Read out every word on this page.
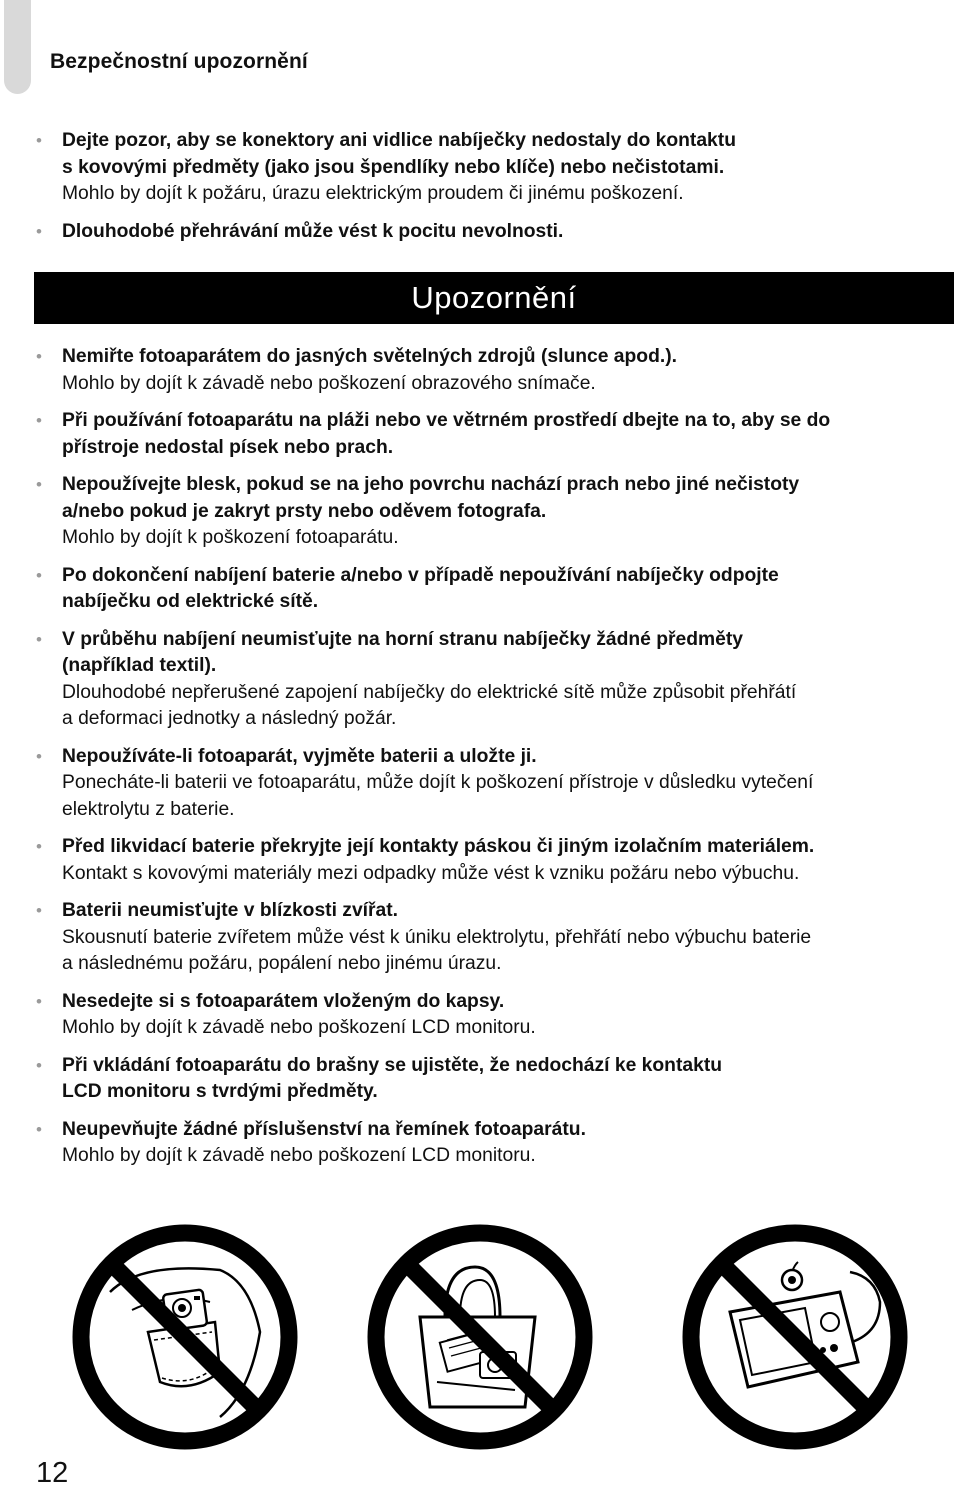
Bezpečnostní upozornění
• Dejte pozor, aby se konektory ani vidlice nabíječky nedostaly do kontaktu
s kovovými předměty (jako jsou špendlíky nebo klíče) nebo nečistotami.
Mohlo by dojít k požáru, úrazu elektrickým proudem či jinému poškození.
• Dlouhodobé přehrávání může vést k pocitu nevolnosti.
Upozornění
• Nemiřte fotoaparátem do jasných světelných zdrojů (slunce apod.).
Mohlo by dojít k závadě nebo poškození obrazového snímače.
• Při používání fotoaparátu na pláži nebo ve větrném prostředí dbejte na to, aby se do
přístroje nedostal písek nebo prach.
• Nepoužívejte blesk, pokud se na jeho povrchu nachází prach nebo jiné nečistoty
a/nebo pokud je zakryt prsty nebo oděvem fotografa.
Mohlo by dojít k poškození fotoaparátu.
• Po dokončení nabíjení baterie a/nebo v případě nepoužívání nabíječky odpojte
nabíječku od elektrické sítě.
• V průběhu nabíjení neumisťujte na horní stranu nabíječky žádné předměty
(například textil).
Dlouhodobé nepřerušené zapojení nabíječky do elektrické sítě může způsobit přehřátí
a deformaci jednotky a následný požár.
• Nepoužíváte-li fotoaparát, vyjměte baterii a uložte ji.
Ponecháte-li baterii ve fotoaparátu, může dojít k poškození přístroje v důsledku vytečení
elektrolytu z baterie.
• Před likvidací baterie překryjte její kontakty páskou či jiným izolačním materiálem.
Kontakt s kovovými materiály mezi odpadky může vést k vzniku požáru nebo výbuchu.
• Baterii neumisťujte v blízkosti zvířat.
Skousnutí baterie zvířetem může vést k úniku elektrolytu, přehřátí nebo výbuchu baterie
a následnému požáru, popálení nebo jinému úrazu.
• Nesedejte si s fotoaparátem vloženým do kapsy.
Mohlo by dojít k závadě nebo poškození LCD monitoru.
• Při vkládání fotoaparátu do brašny se ujistěte, že nedochází ke kontaktu
LCD monitoru s tvrdými předměty.
• Neupevňujte žádné příslušenství na řemínek fotoaparátu.
Mohlo by dojít k závadě nebo poškození LCD monitoru.
12
